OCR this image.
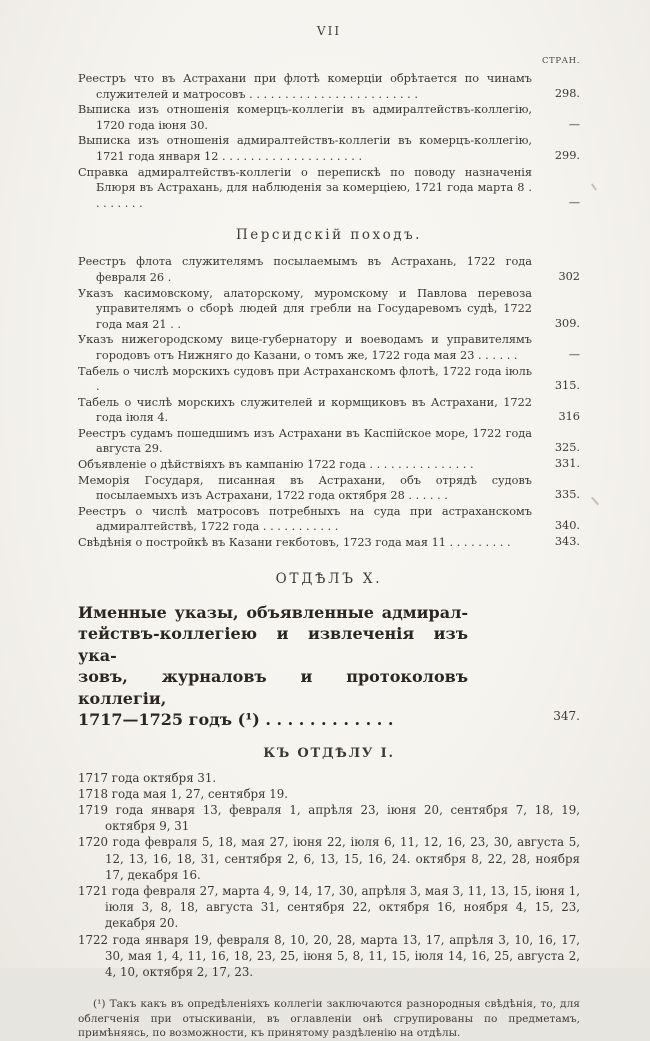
VII
СТРАН.
Реестръ что въ Астрахани при флотѣ комерціи обрѣтается по чинамъ служителей и матросовъ . . . . . . . . . . . . . . . . . . . . . . . .	298.
Выписка изъ отношенія комерцъ-коллегіи въ адмиралтействъ-коллегію, 1720 года іюня 30.	—
Выписка изъ отношенія адмиралтействъ-коллегіи въ комерцъ-коллегію, 1721 года января 12 . . . . . . . . . . . . . . . . . . . .	299.
Справка адмиралтействъ-коллегіи о перепискѣ по поводу назначенія Блюря въ Астрахань, для наблюденія за комерціею, 1721 года марта 8 . . . . . . . .	—
Персидскій походъ.
Реестръ флота служителямъ посылаемымъ въ Астрахань, 1722 года февраля 26 .	302
Указъ касимовскому, алаторскому, муромскому и Павлова перевоза управителямъ о сборѣ людей для гребли на Государевомъ судѣ, 1722 года мая 21 . .	309.
Указъ нижегородскому вице-губернатору и воеводамъ и управителямъ городовъ отъ Нижняго до Казани, о томъ же, 1722 года мая 23 . . . . . .	—
Табель о числѣ морскихъ судовъ при Астраханскомъ флотѣ, 1722 года іюль .	315.
Табель о числѣ морскихъ служителей и кормщиковъ въ Астрахани, 1722 года іюля 4.	316
Реестръ судамъ пошедшимъ изъ Астрахани въ Каспійское море, 1722 года августа 29.	325.
Объявленіе о дѣйствіяхъ въ кампанію 1722 года . . . . . . . . . . . . . . .	331.
Меморія Государя, писанная въ Астрахани, объ отрядѣ судовъ посылаемыхъ изъ Астрахани, 1722 года октября 28 . . . . . .	335.
Реестръ о числѣ матросовъ потребныхъ на суда при астраханскомъ адмиралтействѣ, 1722 года . . . . . . . . . . .	340.
Свѣдѣнія о постройкѣ въ Казани гекботовъ, 1723 года мая 11 . . . . . . . . .	343.
ОТДѢЛЪ X.
Именные указы, объявленные адмирал-
тействъ-коллегіею и извлеченія изъ ука-
зовъ, журналовъ и протоколовъ коллегіи,
1717—1725 годъ (¹) . . . . . . . . . . . .	347.
КЪ ОТДѢЛУ I.
1717 года октября 31.
1718 года мая 1, 27, сентября 19.
1719 года января 13, февраля 1, апрѣля 23, іюня 20, сентября 7, 18, 19, октября 9, 31
1720 года февраля 5, 18, мая 27, іюня 22, іюля 6, 11, 12, 16, 23, 30, августа 5, 12, 13, 16, 18, 31, сентября 2, 6, 13, 15, 16, 24. октября 8, 22, 28, ноября 17, декабря 16.
1721 года февраля 27, марта 4, 9, 14, 17, 30, апрѣля 3, мая 3, 11, 13, 15, іюня 1, іюля 3, 8, 18, августа 31, сентября 22, октября 16, ноября 4, 15, 23, декабря 20.
1722 года января 19, февраля 8, 10, 20, 28, марта 13, 17, апрѣля 3, 10, 16, 17, 30, мая 1, 4, 11, 16, 18, 23, 25, іюня 5, 8, 11, 15, іюля 14, 16, 25, августа 2, 4, 10, октября 2, 17, 23.
(¹) Такъ какъ въ опредѣленіяхъ коллегіи заключаются разнородныя свѣдѣнія, то, для облегченія при отыскиваніи, въ оглавленіи онѣ сгрупированы по предметамъ, примѣняясь, по возможности, къ принятому раздѣленію на отдѣлы.
